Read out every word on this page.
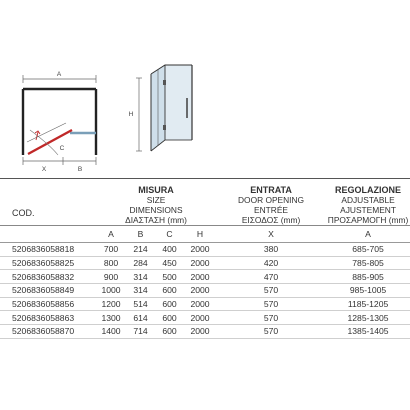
A
C
X	B
H
COD.	MISURA
SIZE
DIMENSIONS
ΔΙΑΣΤΑΣΗ (mm)				ENTRATA
DOOR OPENING
ENTRÉE
ΕΙΣΟΔΟΣ (mm)	REGOLAZIONE
ADJUSTABLE
AJUSTEMENT
ΠΡΟΣΑΡΜΟΓΗ (mm)

	A	B	C	H	X	A
5206836058818	700	214	400	2000	380	685-705
5206836058825	800	284	450	2000	420	785-805
5206836058832	900	314	500	2000	470	885-905
5206836058849	1000	314	600	2000	570	985-1005
5206836058856	1200	514	600	2000	570	1185-1205
5206836058863	1300	614	600	2000	570	1285-1305
5206836058870	1400	714	600	2000	570	1385-1405
